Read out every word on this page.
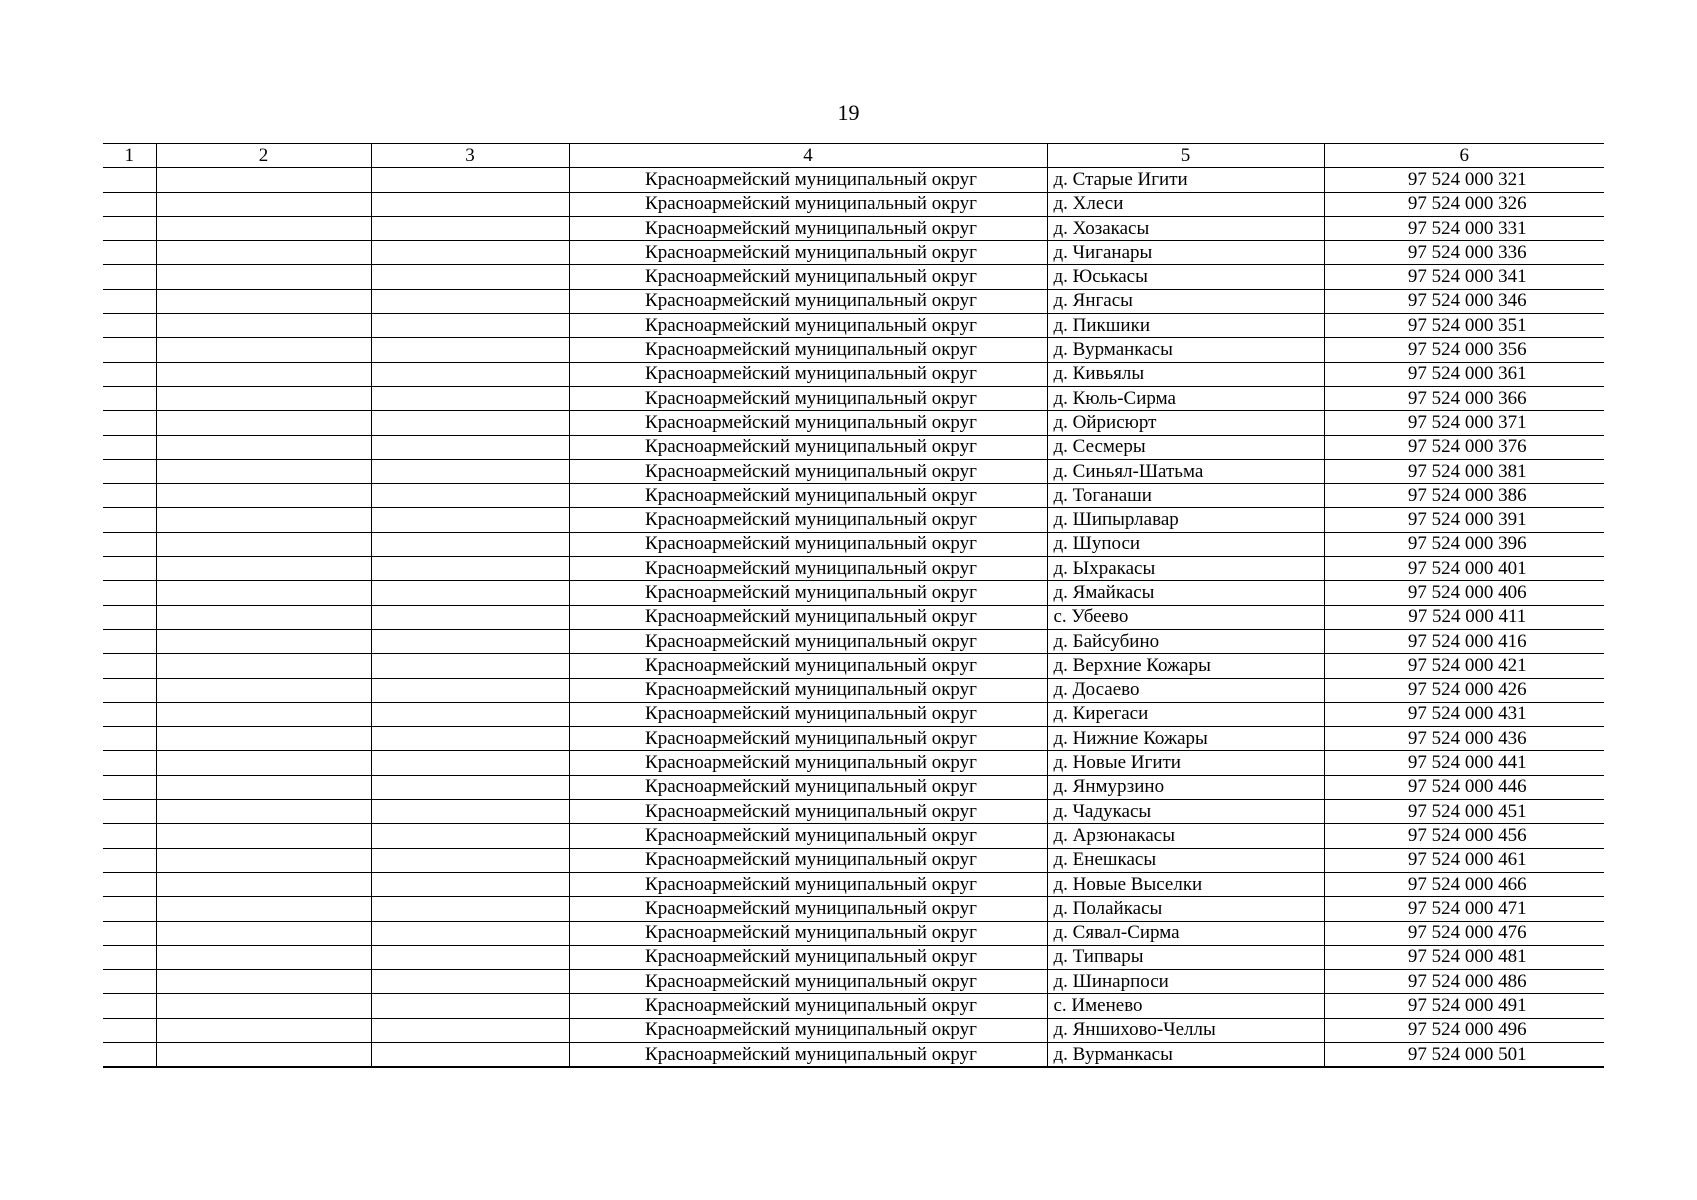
19
1	2	3	4	5	6
			Красноармейский муниципальный округ	д. Старые Игити	97 524 000 321
			Красноармейский муниципальный округ	д. Хлеси	97 524 000 326
			Красноармейский муниципальный округ	д. Хозакасы	97 524 000 331
			Красноармейский муниципальный округ	д. Чиганары	97 524 000 336
			Красноармейский муниципальный округ	д. Юськасы	97 524 000 341
			Красноармейский муниципальный округ	д. Янгасы	97 524 000 346
			Красноармейский муниципальный округ	д. Пикшики	97 524 000 351
			Красноармейский муниципальный округ	д. Вурманкасы	97 524 000 356
			Красноармейский муниципальный округ	д. Кивьялы	97 524 000 361
			Красноармейский муниципальный округ	д. Кюль-Сирма	97 524 000 366
			Красноармейский муниципальный округ	д. Ойрисюрт	97 524 000 371
			Красноармейский муниципальный округ	д. Сесмеры	97 524 000 376
			Красноармейский муниципальный округ	д. Синьял-Шатьма	97 524 000 381
			Красноармейский муниципальный округ	д. Тоганаши	97 524 000 386
			Красноармейский муниципальный округ	д. Шипырлавар	97 524 000 391
			Красноармейский муниципальный округ	д. Шупоси	97 524 000 396
			Красноармейский муниципальный округ	д. Ыхракасы	97 524 000 401
			Красноармейский муниципальный округ	д. Ямайкасы	97 524 000 406
			Красноармейский муниципальный округ	с. Убеево	97 524 000 411
			Красноармейский муниципальный округ	д. Байсубино	97 524 000 416
			Красноармейский муниципальный округ	д. Верхние Кожары	97 524 000 421
			Красноармейский муниципальный округ	д. Досаево	97 524 000 426
			Красноармейский муниципальный округ	д. Кирегаси	97 524 000 431
			Красноармейский муниципальный округ	д. Нижние Кожары	97 524 000 436
			Красноармейский муниципальный округ	д. Новые Игити	97 524 000 441
			Красноармейский муниципальный округ	д. Янмурзино	97 524 000 446
			Красноармейский муниципальный округ	д. Чадукасы	97 524 000 451
			Красноармейский муниципальный округ	д. Арзюнакасы	97 524 000 456
			Красноармейский муниципальный округ	д. Енешкасы	97 524 000 461
			Красноармейский муниципальный округ	д. Новые Выселки	97 524 000 466
			Красноармейский муниципальный округ	д. Полайкасы	97 524 000 471
			Красноармейский муниципальный округ	д. Сявал-Сирма	97 524 000 476
			Красноармейский муниципальный округ	д. Типвары	97 524 000 481
			Красноармейский муниципальный округ	д. Шинарпоси	97 524 000 486
			Красноармейский муниципальный округ	с. Именево	97 524 000 491
			Красноармейский муниципальный округ	д. Яншихово-Челлы	97 524 000 496
			Красноармейский муниципальный округ	д. Вурманкасы	97 524 000 501
